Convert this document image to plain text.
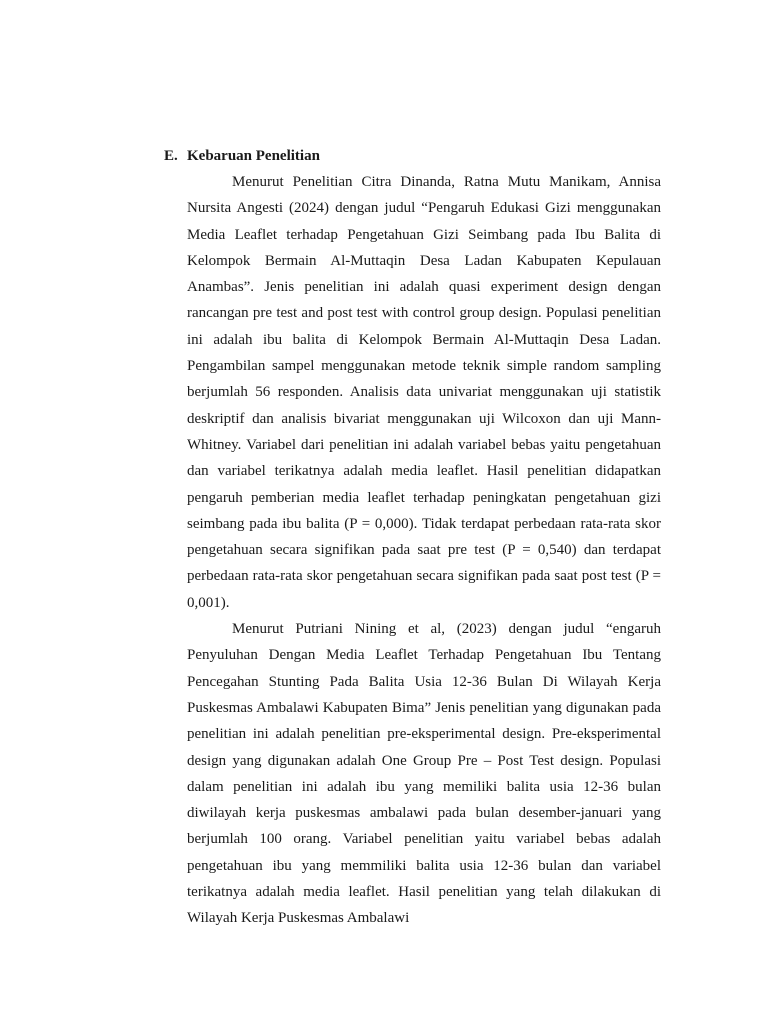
E. Kebaruan Penelitian

Menurut Penelitian Citra Dinanda, Ratna Mutu Manikam, Annisa Nursita Angesti (2024) dengan judul “Pengaruh Edukasi Gizi menggunakan Media Leaflet terhadap Pengetahuan Gizi Seimbang pada Ibu Balita di Kelompok Bermain Al-Muttaqin Desa Ladan Kabupaten Kepulauan Anambas”. Jenis penelitian ini adalah quasi experiment design dengan rancangan pre test and post test with control group design. Populasi penelitian ini adalah ibu balita di Kelompok Bermain Al-Muttaqin Desa Ladan. Pengambilan sampel menggunakan metode teknik simple random sampling berjumlah 56 responden. Analisis data univariat menggunakan uji statistik deskriptif dan analisis bivariat menggunakan uji Wilcoxon dan uji Mann-Whitney. Variabel dari penelitian ini adalah variabel bebas yaitu pengetahuan dan variabel terikatnya adalah media leaflet. Hasil penelitian didapatkan pengaruh pemberian media leaflet terhadap peningkatan pengetahuan gizi seimbang pada ibu balita (P = 0,000). Tidak terdapat perbedaan rata-rata skor pengetahuan secara signifikan pada saat pre test (P = 0,540) dan terdapat perbedaan rata-rata skor pengetahuan secara signifikan pada saat post test (P = 0,001).

Menurut Putriani Nining et al, (2023) dengan judul “engaruh Penyuluhan Dengan Media Leaflet Terhadap Pengetahuan Ibu Tentang Pencegahan Stunting Pada Balita Usia 12-36 Bulan Di Wilayah Kerja Puskesmas Ambalawi Kabupaten Bima” Jenis penelitian yang digunakan pada penelitian ini adalah penelitian pre-eksperimental design. Pre-eksperimental design yang digunakan adalah One Group Pre – Post Test design. Populasi dalam penelitian ini adalah ibu yang memiliki balita usia 12-36 bulan diwilayah kerja puskesmas ambalawi pada bulan desember-januari yang berjumlah 100 orang. Variabel penelitian yaitu variabel bebas adalah pengetahuan ibu yang memmiliki balita usia 12-36 bulan dan variabel terikatnya adalah media leaflet. Hasil penelitian yang telah dilakukan di Wilayah Kerja Puskesmas Ambalawi
